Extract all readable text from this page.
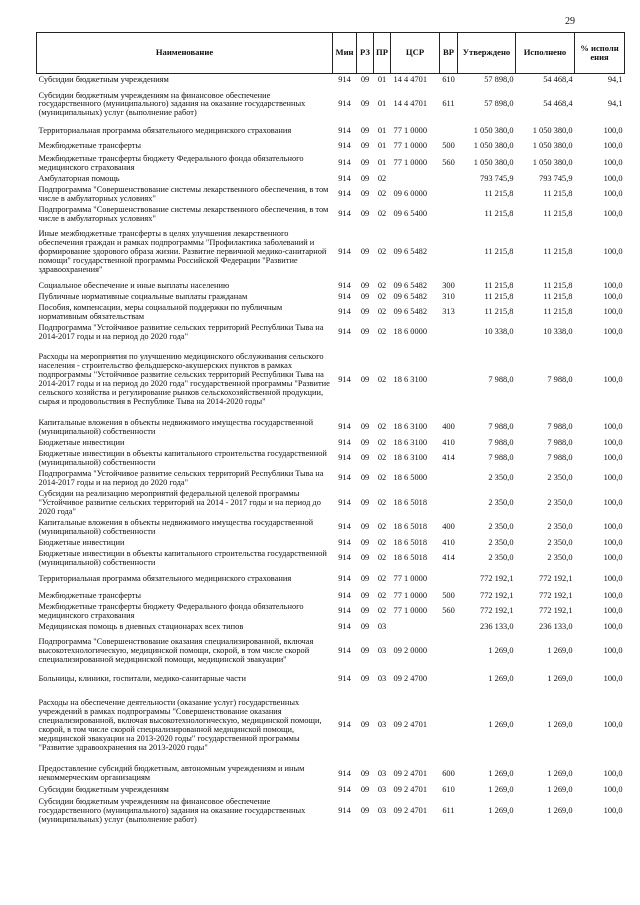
29
Наименование	Мин	РЗ	ПР	ЦСР	ВР	Утверждено	Исполнено	% исполн ения
Субсидии бюджетным учреждениям	914	09	01	14 4 4701	610	57 898,0	54 468,4	94,1
Субсидии бюджетным учреждениям на финансовое обеспечение государственного (муниципального) задания на оказание государственных (муниципальных) услуг (выполнение работ)	914	09	01	14 4 4701	611	57 898,0	54 468,4	94,1
Территориальная программа обязательного медицинского страхования	914	09	01	77 1 0000		1 050 380,0	1 050 380,0	100,0
Межбюджетные трансферты	914	09	01	77 1 0000	500	1 050 380,0	1 050 380,0	100,0
Межбюджетные трансферты бюджету Федерального фонда обязательного медицинского страхования	914	09	01	77 1 0000	560	1 050 380,0	1 050 380,0	100,0
Амбулаторная помощь	914	09	02			793 745,9	793 745,9	100,0
Подпрограмма "Совершенствование системы лекарственного обеспечения, в том числе в амбулаторных условиях"	914	09	02	09 6 0000		11 215,8	11 215,8	100,0
Подпрограмма "Совершенствование системы лекарственного обеспечения, в том числе в амбулаторных условиях"	914	09	02	09 6 5400		11 215,8	11 215,8	100,0
Иные межбюджетные трансферты в целях улучшения лекарственного обеспечения граждан и рамках подпрограммы "Профилактика заболеваний и формирование здорового образа жизни. Развитие первичной медико-санитарной помощи" государственной программы Российской Федерации "Развитие здравоохранения"	914	09	02	09 6 5482		11 215,8	11 215,8	100,0
Социальное обеспечение и иные выплаты населению	914	09	02	09 6 5482	300	11 215,8	11 215,8	100,0
Публичные нормативные социальные выплаты гражданам	914	09	02	09 6 5482	310	11 215,8	11 215,8	100,0
Пособия, компенсации, меры социальной поддержки по публичным нормативным обязательствам	914	09	02	09 6 5482	313	11 215,8	11 215,8	100,0
Подпрограмма "Устойчивое развитие сельских территорий Республики Тыва на 2014-2017 годы и на период до 2020 года"	914	09	02	18 6 0000		10 338,0	10 338,0	100,0
Расходы на мероприятия по улучшению медицинского обслуживания сельского населения - строительство фельдшерско-акушерских пунктов в рамках подпрограммы "Устойчивое развитие сельских территорий Республики Тыва на 2014-2017 годы и на период до 2020 года" государственной программы "Развитие сельского хозяйства и регулирование рынков сельскохозяйственной продукции, сырья и продовольствия в Республике Тыва на 2014-2020 годы"	914	09	02	18 6 3100		7 988,0	7 988,0	100,0
Капитальные вложения в объекты недвижимого имущества государственной (муниципальной) собственности	914	09	02	18 6 3100	400	7 988,0	7 988,0	100,0
Бюджетные инвестиции	914	09	02	18 6 3100	410	7 988,0	7 988,0	100,0
Бюджетные инвестиции в объекты капитального строительства государственной (муниципальной) собственности	914	09	02	18 6 3100	414	7 988,0	7 988,0	100,0
Подпрограмма "Устойчивое развитие сельских территорий Республики Тыва на 2014-2017 годы и на период до 2020 года"	914	09	02	18 6 5000		2 350,0	2 350,0	100,0
Субсидии на реализацию мероприятий федеральной целевой программы "Устойчивое развитие сельских территорий на 2014 - 2017 годы и на период до 2020 года"	914	09	02	18 6 5018		2 350,0	2 350,0	100,0
Капитальные вложения в объекты недвижимого имущества государственной (муниципальной) собственности	914	09	02	18 6 5018	400	2 350,0	2 350,0	100,0
Бюджетные инвестиции	914	09	02	18 6 5018	410	2 350,0	2 350,0	100,0
Бюджетные инвестиции в объекты капитального строительства государственной (муниципальной) собственности	914	09	02	18 6 5018	414	2 350,0	2 350,0	100,0
Территориальная программа обязательного медицинского страхования	914	09	02	77 1 0000		772 192,1	772 192,1	100,0
Межбюджетные трансферты	914	09	02	77 1 0000	500	772 192,1	772 192,1	100,0
Межбюджетные трансферты бюджету Федерального фонда обязательного медицинского страхования	914	09	02	77 1 0000	560	772 192,1	772 192,1	100,0
Медицинская помощь в дневных стационарах всех типов	914	09	03			236 133,0	236 133,0	100,0
Подпрограмма "Совершенствование оказания специализированной, включая высокотехнологическую, медицинской помощи, скорой, в том числе скорой специализированной медицинской помощи, медицинской эвакуации"	914	09	03	09 2 0000		1 269,0	1 269,0	100,0
Больницы, клиники, госпитали, медико-санитарные части	914	09	03	09 2 4700		1 269,0	1 269,0	100,0
Расходы на обеспечение деятельности (оказание услуг) государственных учреждений в рамках подпрограммы "Совершенствование оказания специализированной, включая высокотехнологическую, медицинской помощи, скорой, в том числе скорой специализированной медицинской помощи, медицинской эвакуации на 2013-2020 годы" государственной программы "Развитие здравоохранения на 2013-2020 годы"	914	09	03	09 2 4701		1 269,0	1 269,0	100,0
Предоставление субсидий бюджетным, автономным учреждениям и иным некоммерческим организациям	914	09	03	09 2 4701	600	1 269,0	1 269,0	100,0
Субсидии бюджетным учреждениям	914	09	03	09 2 4701	610	1 269,0	1 269,0	100,0
Субсидии бюджетным учреждениям на финансовое обеспечение государственного (муниципального) задания на оказание государственных (муниципальных) услуг (выполнение работ)	914	09	03	09 2 4701	611	1 269,0	1 269,0	100,0
